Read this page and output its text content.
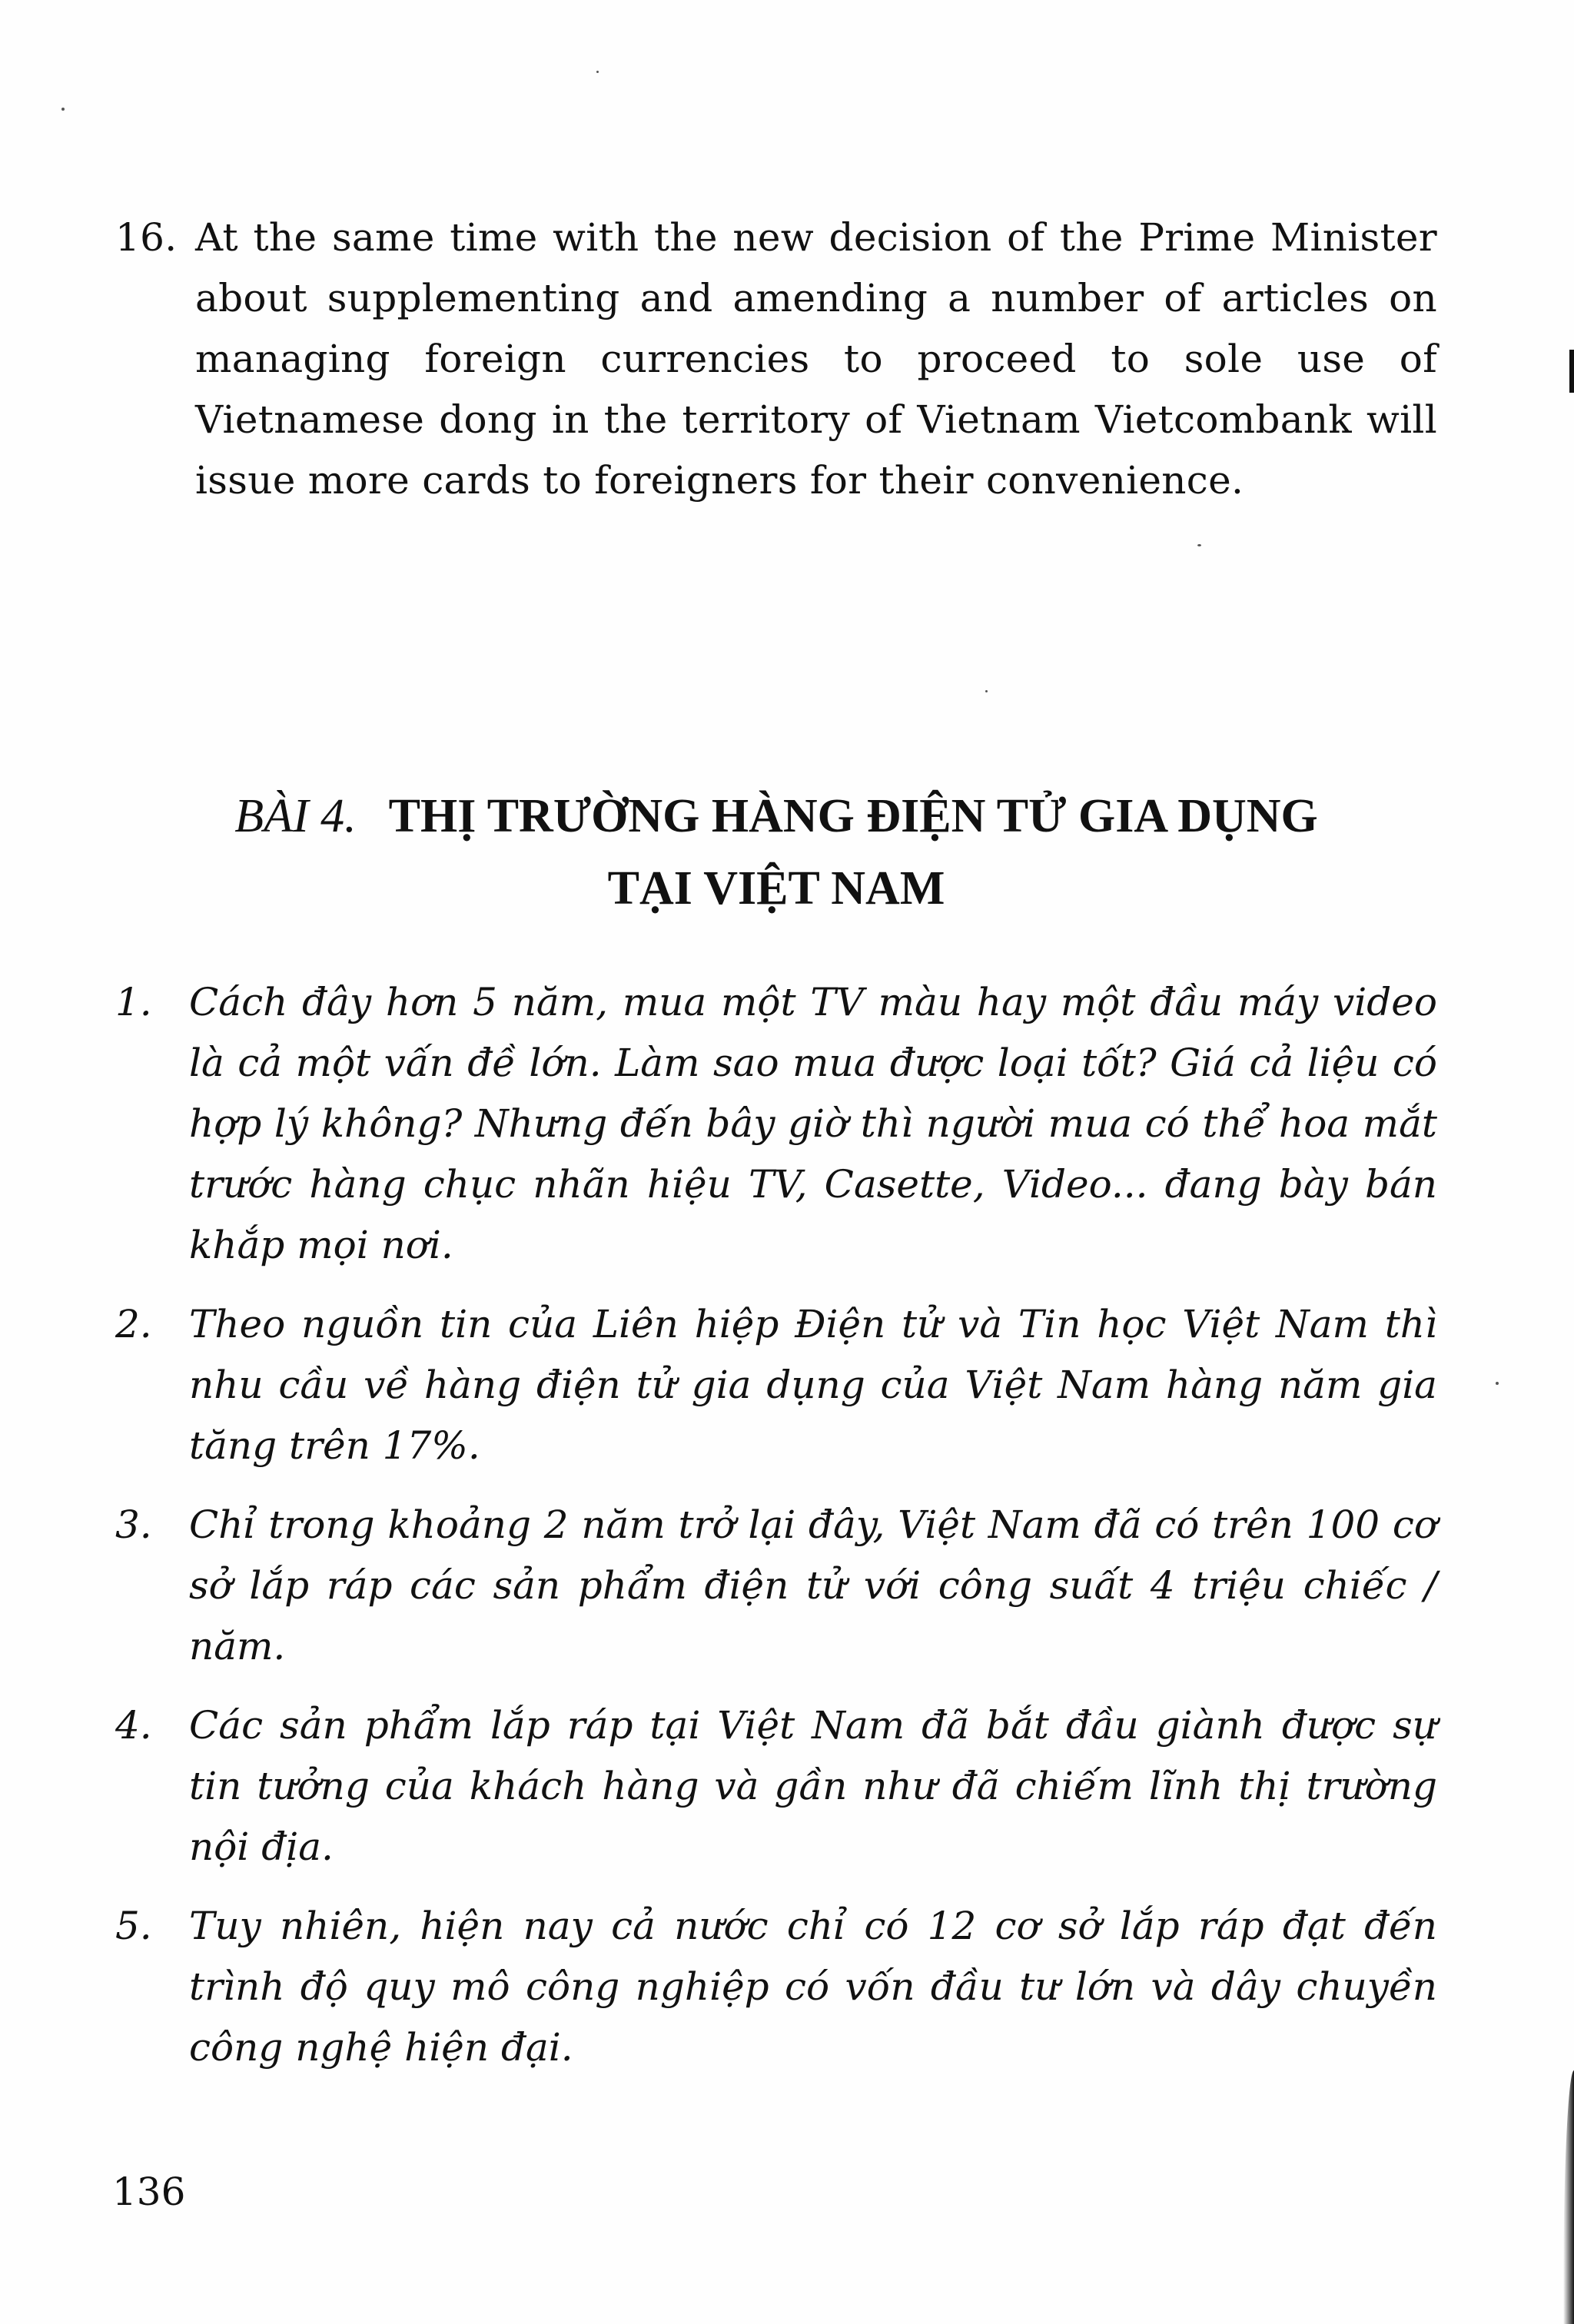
16. At the same time with the new decision of the Prime Minister about supplementing and amending a number of articles on managing foreign currencies to proceed to sole use of Vietnamese dong in the territory of Vietnam Vietcombank will issue more cards to foreigners for their convenience.
BÀI 4. THỊ TRƯỜNG HÀNG ĐIỆN TỬ GIA DỤNG
TẠI VIỆT NAM
1. Cách đây hơn 5 năm, mua một TV màu hay một đầu máy video là cả một vấn đề lớn. Làm sao mua được loại tốt? Giá cả liệu có hợp lý không? Nhưng đến bây giờ thì người mua có thể hoa mắt trước hàng chục nhãn hiệu TV, Casette, Video... đang bày bán khắp mọi nơi.
2. Theo nguồn tin của Liên hiệp Điện tử và Tin học Việt Nam thì nhu cầu về hàng điện tử gia dụng của Việt Nam hàng năm gia tăng trên 17%.
3. Chỉ trong khoảng 2 năm trở lại đây, Việt Nam đã có trên 100 cơ sở lắp ráp các sản phẩm điện tử với công suất 4 triệu chiếc / năm.
4. Các sản phẩm lắp ráp tại Việt Nam đã bắt đầu giành được sự tin tưởng của khách hàng và gần như đã chiếm lĩnh thị trường nội địa.
5. Tuy nhiên, hiện nay cả nước chỉ có 12 cơ sở lắp ráp đạt đến trình độ quy mô công nghiệp có vốn đầu tư lớn và dây chuyền công nghệ hiện đại.
136
